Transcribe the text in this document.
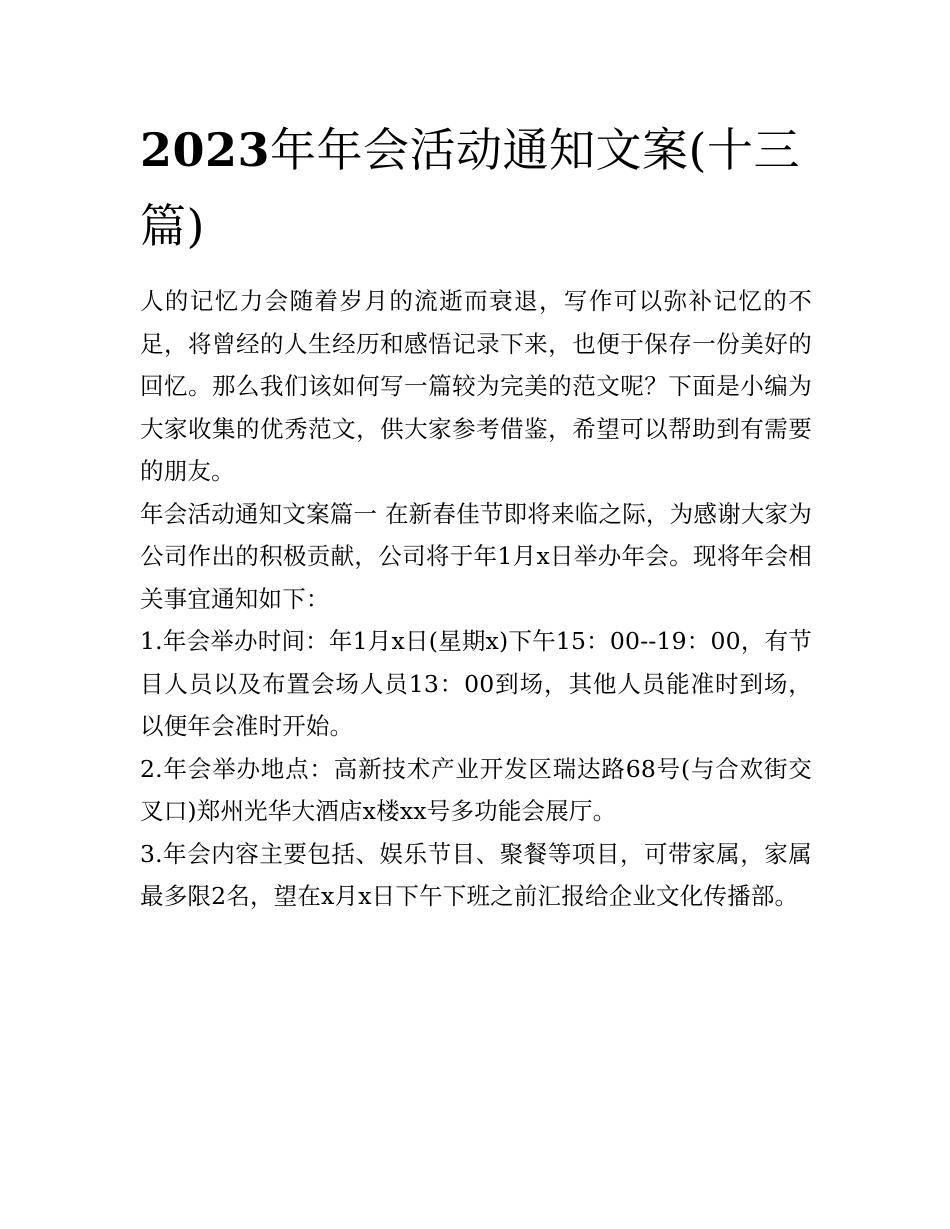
2023年年会活动通知文案(十三篇)

人的记忆力会随着岁月的流逝而衰退，写作可以弥补记忆的不足，将曾经的人生经历和感悟记录下来，也便于保存一份美好的回忆。那么我们该如何写一篇较为完美的范文呢？下面是小编为大家收集的优秀范文，供大家参考借鉴，希望可以帮助到有需要的朋友。

年会活动通知文案篇一 在新春佳节即将来临之际，为感谢大家为公司作出的积极贡献，公司将于年1月x日举办年会。现将年会相关事宜通知如下：

1.年会举办时间：年1月x日(星期x)下午15：00--19：00，有节目人员以及布置会场人员13：00到场，其他人员能准时到场，以便年会准时开始。

2.年会举办地点：高新技术产业开发区瑞达路68号(与合欢街交叉口)郑州光华大酒店x楼xx号多功能会展厅。

3.年会内容主要包括、娱乐节目、聚餐等项目，可带家属，家属最多限2名，望在x月x日下午下班之前汇报给企业文化传播部。
